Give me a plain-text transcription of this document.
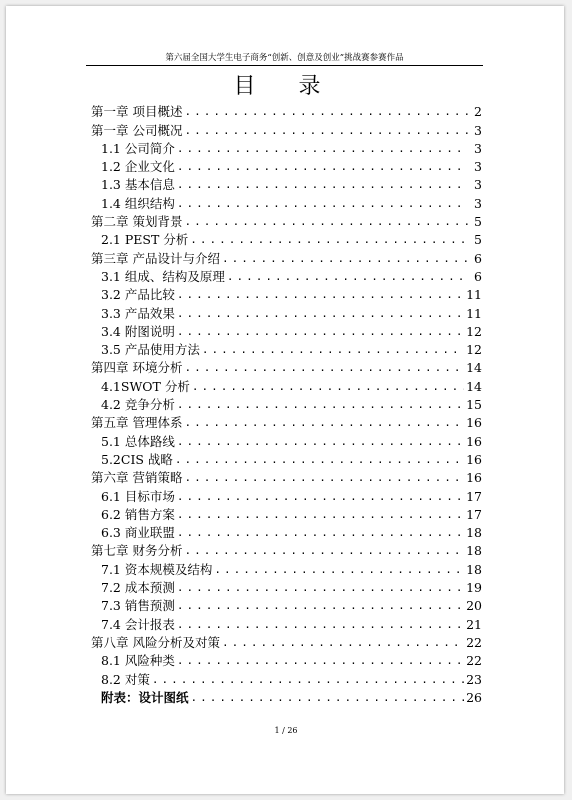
第六届全国大学生电子商务“创新、创意及创业”挑战赛参赛作品
目 录
第一章 项目概述 .....	2
第一章 公司概况 .....	3
1.1 公司简介 .....	3
1.2 企业文化 .....	3
1.3 基本信息 .....	3
1.4 组织结构 .....	3
第二章 策划背景 .....	5
2.1 PEST 分析 .....	5
第三章 产品设计与介绍 .....	6
3.1 组成、结构及原理 .....	6
3.2 产品比较 .....	11
3.3 产品效果 .....	11
3.4 附图说明 .....	12
3.5 产品使用方法 .....	12
第四章 环境分析 .....	14
4.1SWOT 分析 .....	14
4.2 竞争分析 .....	15
第五章 管理体系 .....	16
5.1 总体路线 .....	16
5.2CIS 战略 .....	16
第六章 营销策略 .....	16
6.1 目标市场 .....	17
6.2 销售方案 .....	17
6.3 商业联盟 .....	18
第七章 财务分析 .....	18
7.1 资本规模及结构 .....	18
7.2 成本预测 .....	19
7.3 销售预测 .....	20
7.4 会计报表 .....	21
第八章 风险分析及对策 .....	22
8.1 风险种类 .....	22
8.2 对策 .....	23
附表：设计图纸 .....	26
1 / 26
